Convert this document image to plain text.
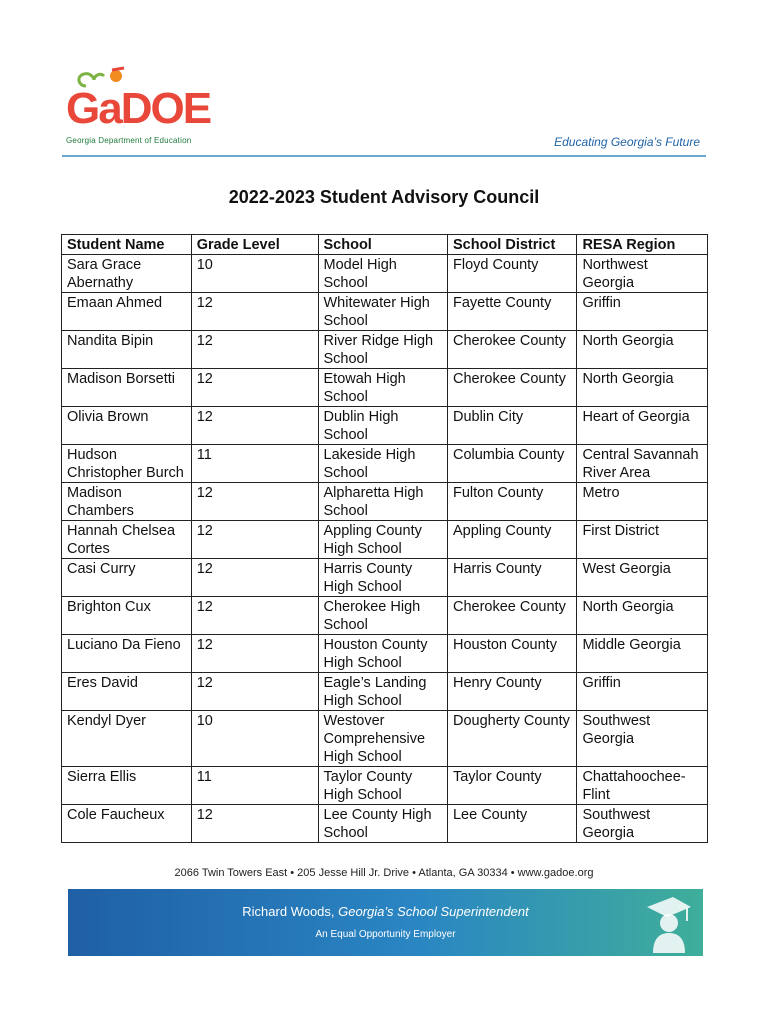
GaDOE
Georgia Department of Education	Educating Georgia’s Future
2022-2023 Student Advisory Council
Student Name	Grade Level	School	School District	RESA Region
Sara Grace Abernathy	10	Model High School	Floyd County	Northwest Georgia
Emaan Ahmed	12	Whitewater High School	Fayette County	Griffin
Nandita Bipin	12	River Ridge High School	Cherokee County	North Georgia
Madison Borsetti	12	Etowah High School	Cherokee County	North Georgia
Olivia Brown	12	Dublin High School	Dublin City	Heart of Georgia
Hudson Christopher Burch	11	Lakeside High School	Columbia County	Central Savannah River Area
Madison Chambers	12	Alpharetta High School	Fulton County	Metro
Hannah Chelsea Cortes	12	Appling County High School	Appling County	First District
Casi Curry	12	Harris County High School	Harris County	West Georgia
Brighton Cux	12	Cherokee High School	Cherokee County	North Georgia
Luciano Da Fieno	12	Houston County High School	Houston County	Middle Georgia
Eres David	12	Eagle’s Landing High School	Henry County	Griffin
Kendyl Dyer	10	Westover Comprehensive High School	Dougherty County	Southwest Georgia
Sierra Ellis	11	Taylor County High School	Taylor County	Chattahoochee-Flint
Cole Faucheux	12	Lee County High School	Lee County	Southwest Georgia
2066 Twin Towers East • 205 Jesse Hill Jr. Drive • Atlanta, GA 30334 • www.gadoe.org
Richard Woods, Georgia’s School Superintendent
An Equal Opportunity Employer
